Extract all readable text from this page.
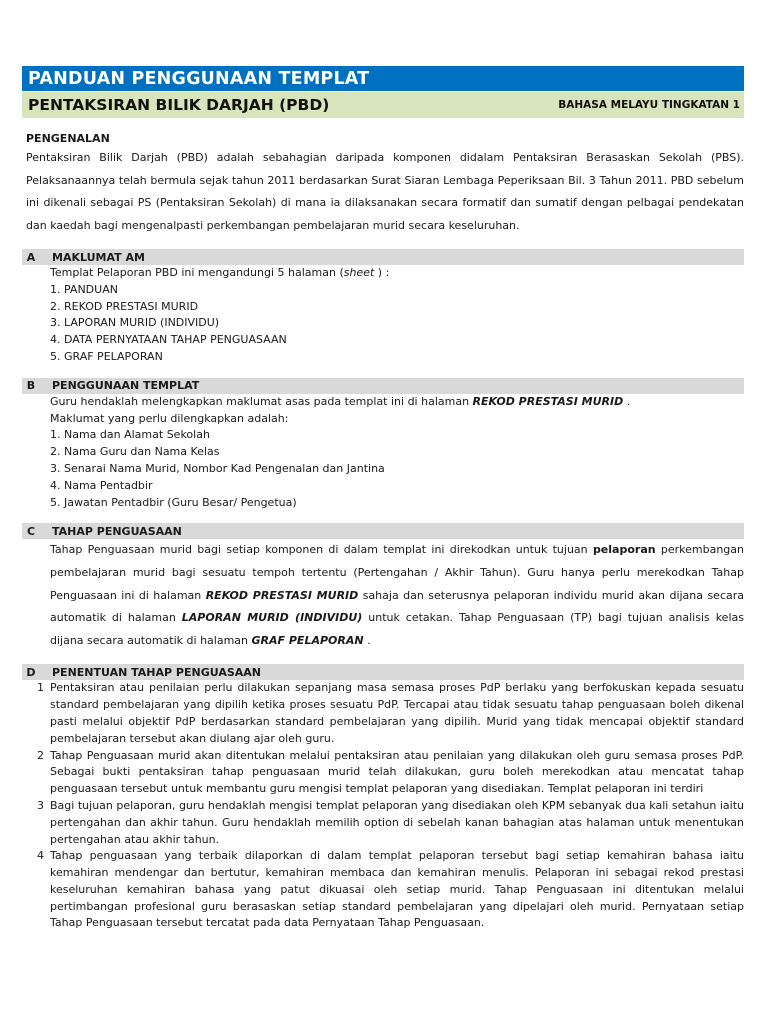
PANDUAN PENGGUNAAN TEMPLAT
PENTAKSIRAN BILIK DARJAH (PBD)	BAHASA MELAYU TINGKATAN 1
PENGENALAN
Pentaksiran Bilik Darjah (PBD) adalah sebahagian daripada komponen didalam Pentaksiran Berasaskan Sekolah (PBS). Pelaksanaannya telah bermula sejak tahun 2011 berdasarkan Surat Siaran Lembaga Peperiksaan Bil. 3 Tahun 2011. PBD sebelum ini dikenali sebagai PS (Pentaksiran Sekolah) di mana ia dilaksanakan secara formatif dan sumatif dengan pelbagai pendekatan dan kaedah bagi mengenalpasti perkembangan pembelajaran murid secara keseluruhan.
A	MAKLUMAT AM
Templat Pelaporan PBD ini mengandungi 5 halaman (sheet ) :
1. PANDUAN
2. REKOD PRESTASI MURID
3. LAPORAN MURID (INDIVIDU)
4. DATA PERNYATAAN TAHAP PENGUASAAN
5. GRAF PELAPORAN
B	PENGGUNAAN TEMPLAT
Guru hendaklah melengkapkan maklumat asas pada templat ini di halaman REKOD PRESTASI MURID .
Maklumat yang perlu dilengkapkan adalah:
1. Nama dan Alamat Sekolah
2. Nama Guru dan Nama Kelas
3. Senarai Nama Murid, Nombor Kad Pengenalan dan Jantina
4. Nama Pentadbir
5. Jawatan Pentadbir (Guru Besar/ Pengetua)
C	TAHAP PENGUASAAN
Tahap Penguasaan murid bagi setiap komponen di dalam templat ini direkodkan untuk tujuan pelaporan perkembangan pembelajaran murid bagi sesuatu tempoh tertentu (Pertengahan / Akhir Tahun). Guru hanya perlu merekodkan Tahap Penguasaan ini di halaman REKOD PRESTASI MURID sahaja dan seterusnya pelaporan individu murid akan dijana secara automatik di halaman LAPORAN MURID (INDIVIDU) untuk cetakan. Tahap Penguasaan (TP) bagi tujuan analisis kelas dijana secara automatik di halaman GRAF PELAPORAN .
D	PENENTUAN TAHAP PENGUASAAN
1 Pentaksiran atau penilaian perlu dilakukan sepanjang masa semasa proses PdP berlaku yang berfokuskan kepada sesuatu standard pembelajaran yang dipilih ketika proses sesuatu PdP. Tercapai atau tidak sesuatu tahap penguasaan boleh dikenal pasti melalui objektif PdP berdasarkan standard pembelajaran yang dipilih. Murid yang tidak mencapai objektif standard pembelajaran tersebut akan diulang ajar oleh guru.
2 Tahap Penguasaan murid akan ditentukan melalui pentaksiran atau penilaian yang dilakukan oleh guru semasa proses PdP. Sebagai bukti pentaksiran tahap penguasaan murid telah dilakukan, guru boleh merekodkan atau mencatat tahap penguasaan tersebut untuk membantu guru mengisi templat pelaporan yang disediakan. Templat pelaporan ini terdiri
3 Bagi tujuan pelaporan, guru hendaklah mengisi templat pelaporan yang disediakan oleh KPM sebanyak dua kali setahun iaitu pertengahan dan akhir tahun. Guru hendaklah memilih option di sebelah kanan bahagian atas halaman untuk menentukan pertengahan atau akhir tahun.
4 Tahap penguasaan yang terbaik dilaporkan di dalam templat pelaporan tersebut bagi setiap kemahiran bahasa iaitu kemahiran mendengar dan bertutur, kemahiran membaca dan kemahiran menulis. Pelaporan ini sebagai rekod prestasi keseluruhan kemahiran bahasa yang patut dikuasai oleh setiap murid. Tahap Penguasaan ini ditentukan melalui pertimbangan profesional guru berasaskan setiap standard pembelajaran yang dipelajari oleh murid. Pernyataan setiap Tahap Penguasaan tersebut tercatat pada data Pernyataan Tahap Penguasaan.
